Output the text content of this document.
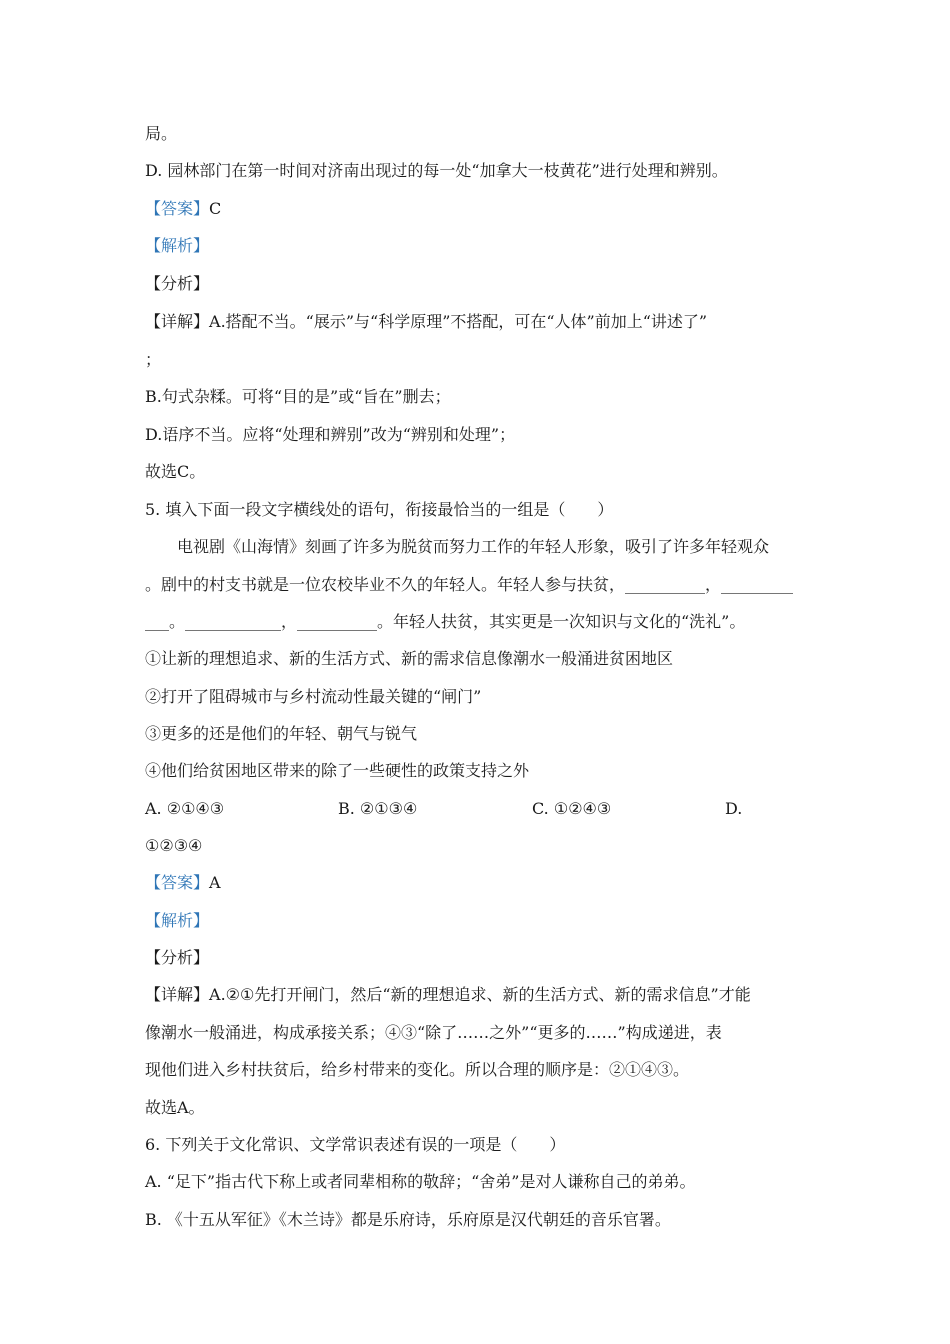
局。
D. 园林部门在第一时间对济南出现过的每一处“加拿大一枝黄花”进行处理和辨别。
【答案】C
【解析】
【分析】
【详解】A.搭配不当。“展示”与“科学原理”不搭配，可在“人体”前加上“讲述了”
；
B.句式杂糅。可将“目的是”或“旨在”删去；
D.语序不当。应将“处理和辨别”改为“辨别和处理”；
故选C。
5. 填入下面一段文字横线处的语句，衔接最恰当的一组是（　　）
电视剧《山海情》刻画了许多为脱贫而努力工作的年轻人形象，吸引了许多年轻观众
。剧中的村支书就是一位农校毕业不久的年轻人。年轻人参与扶贫，__________，_________
___。____________，__________。年轻人扶贫，其实更是一次知识与文化的“洗礼”。
①让新的理想追求、新的生活方式、新的需求信息像潮水一般涌进贫困地区
②打开了阻碍城市与乡村流动性最关键的“闸门”
③更多的还是他们的年轻、朝气与锐气
④他们给贫困地区带来的除了一些硬性的政策支持之外
A. ②①④③	B. ②①③④	C. ①②④③	D.
①②③④
【答案】A
【解析】
【分析】
【详解】A.②①先打开闸门，然后“新的理想追求、新的生活方式、新的需求信息”才能
像潮水一般涌进，构成承接关系；④③“除了……之外”“更多的……”构成递进，表
现他们进入乡村扶贫后，给乡村带来的变化。所以合理的顺序是：②①④③。
故选A。
6. 下列关于文化常识、文学常识表述有误的一项是（　　）
A. “足下”指古代下称上或者同辈相称的敬辞；“舍弟”是对人谦称自己的弟弟。
B. 《十五从军征》《木兰诗》都是乐府诗，乐府原是汉代朝廷的音乐官署。
